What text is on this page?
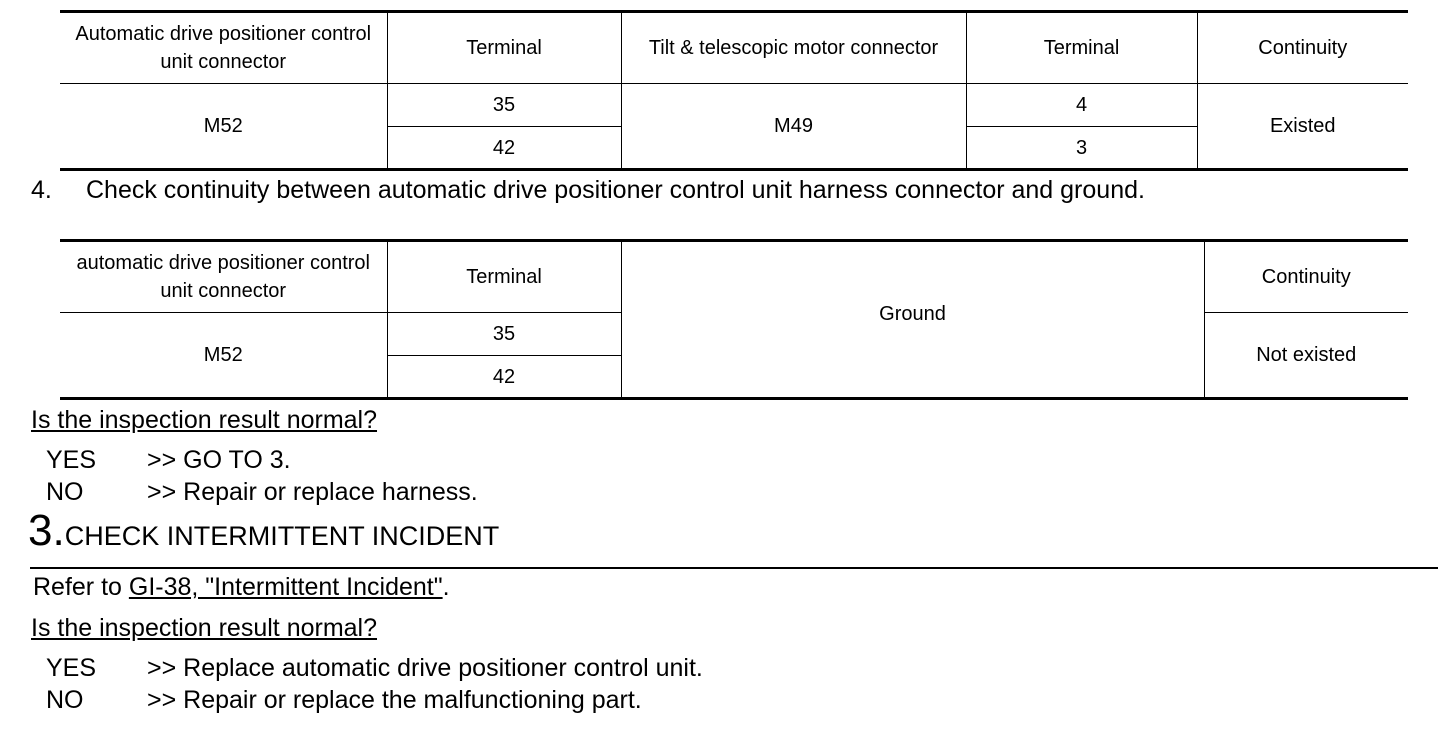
Automatic drive positioner control unit connector	Terminal	Tilt & telescopic motor connector	Terminal	Continuity
M52	35	M49	4	Existed
	42		3	
4. Check continuity between automatic drive positioner control unit harness connector and ground.
automatic drive positioner control unit connector	Terminal	Ground	Continuity
M52	35		Not existed
	42		
Is the inspection result normal?
YES >> GO TO 3.
NO	>> Repair or replace harness.
3.CHECK INTERMITTENT INCIDENT
Refer to GI-38, "Intermittent Incident".
Is the inspection result normal?
YES >> Replace automatic drive positioner control unit.
NO	>> Repair or replace the malfunctioning part.
